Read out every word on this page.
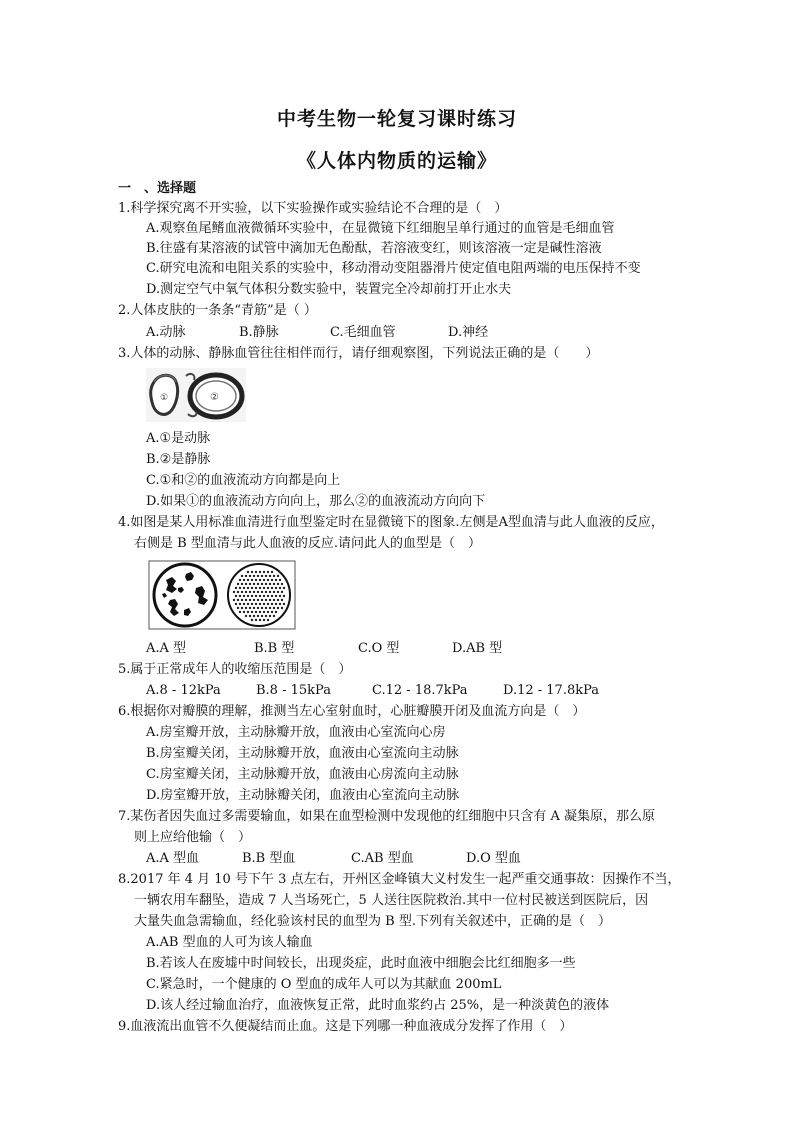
中考生物一轮复习课时练习
《人体内物质的运输》
一　、选择题
1.科学探究离不开实验，以下实验操作或实验结论不合理的是（　）
A.观察鱼尾鳍血液微循环实验中，在显微镜下红细胞呈单行通过的血管是毛细血管
B.往盛有某溶液的试管中滴加无色酚酞，若溶液变红，则该溶液一定是碱性溶液
C.研究电流和电阻关系的实验中，移动滑动变阻器滑片使定值电阻两端的电压保持不变
D.测定空气中氧气体积分数实验中，装置完全冷却前打开止水夫
2.人体皮肤的一条条“青筋”是（ ）
A.动脉	B.静脉	C.毛细血管	D.神经
3.人体的动脉、静脉血管往往相伴而行，请仔细观察图，下列说法正确的是（　　）
①	②
A.①是动脉
B.②是静脉
C.①和②的血液流动方向都是向上
D.如果①的血液流动方向向上，那么②的血液流动方向向下
4.如图是某人用标准血清进行血型鉴定时在显微镜下的图象.左侧是A型血清与此人血液的反应，
右侧是 B 型血清与此人血液的反应.请问此人的血型是（　）
A.A 型	B.B 型	C.O 型	D.AB 型
5.属于正常成年人的收缩压范围是（　）
A.8 - 12kPa	B.8 - 15kPa	C.12 - 18.7kPa	D.12 - 17.8kPa
6.根据你对瓣膜的理解，推测当左心室射血时，心脏瓣膜开闭及血流方向是（　）
A.房室瓣开放，主动脉瓣开放，血液由心室流向心房
B.房室瓣关闭，主动脉瓣开放，血液由心室流向主动脉
C.房室瓣关闭，主动脉瓣开放，血液由心房流向主动脉
D.房室瓣开放，主动脉瓣关闭，血液由心室流向主动脉
7.某伤者因失血过多需要输血，如果在血型检测中发现他的红细胞中只含有 A 凝集原，那么原
则上应给他输（　）
A.A 型血	B.B 型血	C.AB 型血	D.O 型血
8.2017 年 4 月 10 号下午 3 点左右，开州区金峰镇大义村发生一起严重交通事故：因操作不当，
一辆农用车翻坠，造成 7 人当场死亡，5 人送往医院救治.其中一位村民被送到医院后，因
大量失血急需输血，经化验该村民的血型为 B 型.下列有关叙述中，正确的是（　）
A.AB 型血的人可为该人输血
B.若该人在废墟中时间较长，出现炎症，此时血液中细胞会比红细胞多一些
C.紧急时，一个健康的 O 型血的成年人可以为其献血 200mL
D.该人经过输血治疗，血液恢复正常，此时血浆约占 25%，是一种淡黄色的液体
9.血液流出血管不久便凝结而止血。这是下列哪一种血液成分发挥了作用（　）
